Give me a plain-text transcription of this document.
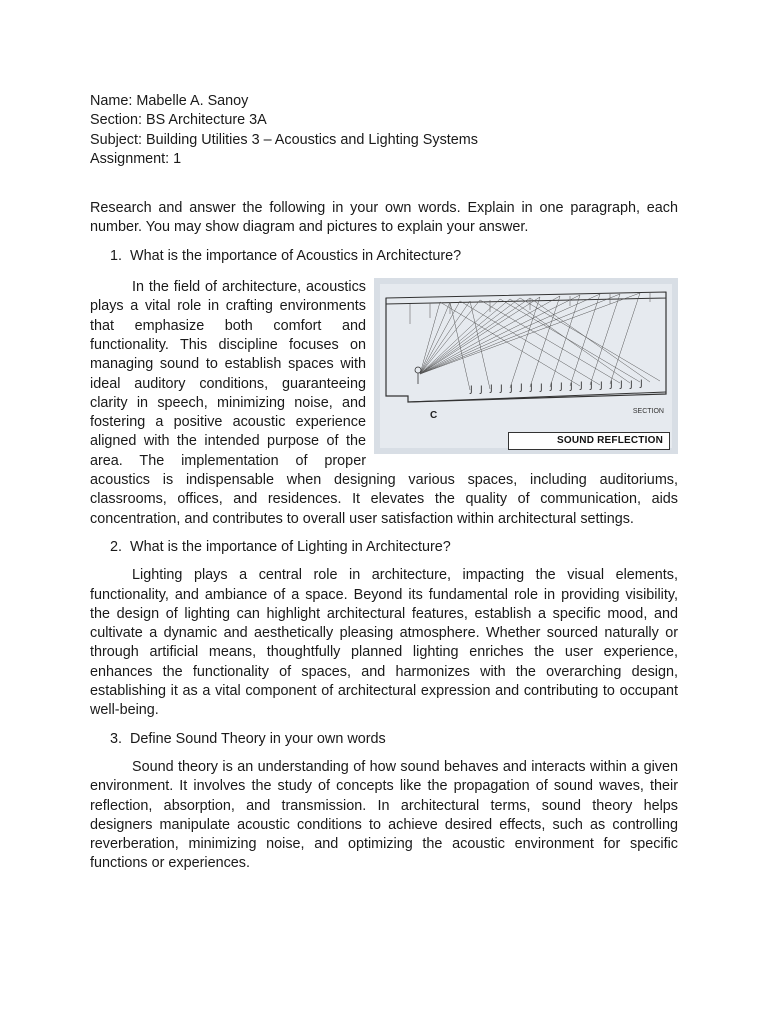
Name: Mabelle A. Sanoy

Section: BS Architecture 3A

Subject: Building Utilities 3 – Acoustics and Lighting Systems

Assignment: 1

Research and answer the following in your own words. Explain in one paragraph, each number. You may show diagram and pictures to explain your answer.

1. What is the importance of Acoustics in Architecture?

J J J J J J J J J J J J J J J J J J
C	SECTION
SOUND REFLECTION
In the field of architecture, acoustics plays a vital role in crafting environments that emphasize both comfort and functionality. This discipline focuses on managing sound to establish spaces with ideal auditory conditions, guaranteeing clarity in speech, minimizing noise, and fostering a positive acoustic experience aligned with the intended purpose of the area. The implementation of proper acoustics is indispensable when designing various spaces, including auditoriums, classrooms, offices, and residences. It elevates the quality of communication, aids concentration, and contributes to overall user satisfaction within architectural settings.

2. What is the importance of Lighting in Architecture?

Lighting plays a central role in architecture, impacting the visual elements, functionality, and ambiance of a space. Beyond its fundamental role in providing visibility, the design of lighting can highlight architectural features, establish a specific mood, and cultivate a dynamic and aesthetically pleasing atmosphere. Whether sourced naturally or through artificial means, thoughtfully planned lighting enriches the user experience, enhances the functionality of spaces, and harmonizes with the overarching design, establishing it as a vital component of architectural expression and contributing to occupant well-being.

3. Define Sound Theory in your own words

Sound theory is an understanding of how sound behaves and interacts within a given environment. It involves the study of concepts like the propagation of sound waves, their reflection, absorption, and transmission. In architectural terms, sound theory helps designers manipulate acoustic conditions to achieve desired effects, such as controlling reverberation, minimizing noise, and optimizing the acoustic environment for specific functions or experiences.
